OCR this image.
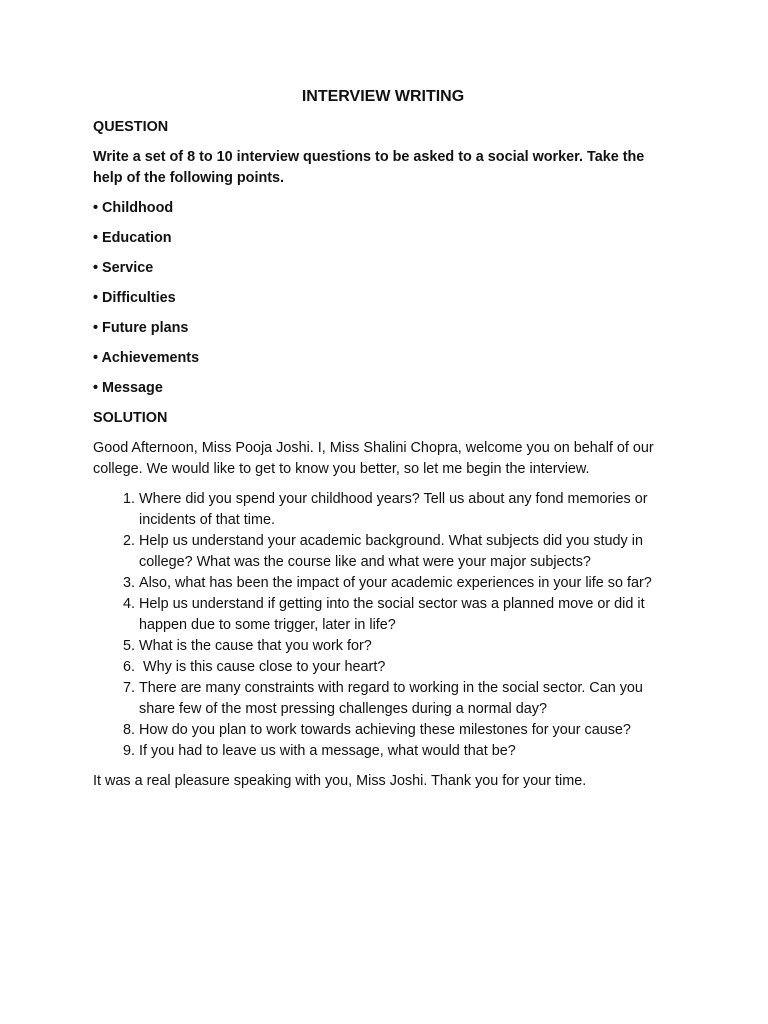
INTERVIEW WRITING
QUESTION
Write a set of 8 to 10 interview questions to be asked to a social worker. Take the help of the following points.
• Childhood
• Education
• Service
• Difficulties
• Future plans
• Achievements
• Message
SOLUTION
Good Afternoon, Miss Pooja Joshi. I, Miss Shalini Chopra, welcome you on behalf of our college. We would like to get to know you better, so let me begin the interview.
1. Where did you spend your childhood years? Tell us about any fond memories or incidents of that time.
2. Help us understand your academic background. What subjects did you study in college? What was the course like and what were your major subjects?
3. Also, what has been the impact of your academic experiences in your life so far?
4. Help us understand if getting into the social sector was a planned move or did it happen due to some trigger, later in life?
5. What is the cause that you work for?
6.  Why is this cause close to your heart?
7. There are many constraints with regard to working in the social sector. Can you share few of the most pressing challenges during a normal day?
8. How do you plan to work towards achieving these milestones for your cause?
9. If you had to leave us with a message, what would that be?
It was a real pleasure speaking with you, Miss Joshi. Thank you for your time.
